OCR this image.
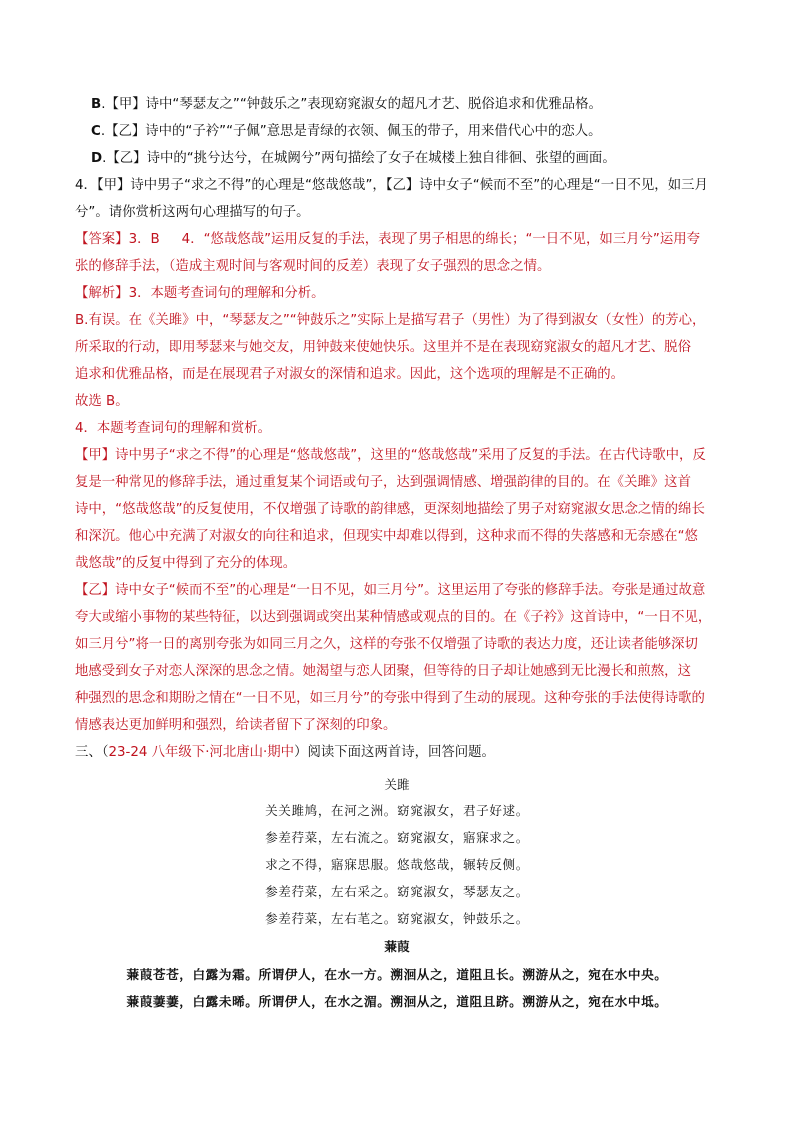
B.【甲】诗中“琴瑟友之”“钟鼓乐之”表现窈窕淑女的超凡才艺、脱俗追求和优雅品格。
C.【乙】诗中的“子衿”“子佩”意思是青绿的衣领、佩玉的带子，用来借代心中的恋人。
D.【乙】诗中的“挑兮达兮，在城阙兮”两句描绘了女子在城楼上独自徘徊、张望的画面。
4．【甲】诗中男子“求之不得”的心理是“悠哉悠哉”，【乙】诗中女子“候而不至”的心理是“一日不见，如三月
兮”。请你赏析这两句心理描写的句子。
【答案】3．B 4．“悠哉悠哉”运用反复的手法，表现了男子相思的绵长；“一日不见，如三月兮”运用夸
张的修辞手法，（造成主观时间与客观时间的反差）表现了女子强烈的思念之情。
【解析】3．本题考查词句的理解和分析。
B.有误。在《关雎》中，“琴瑟友之”“钟鼓乐之”实际上是描写君子（男性）为了得到淑女（女性）的芳心，
所采取的行动，即用琴瑟来与她交友，用钟鼓来使她快乐。这里并不是在表现窈窕淑女的超凡才艺、脱俗
追求和优雅品格，而是在展现君子对淑女的深情和追求。因此，这个选项的理解是不正确的。
故选 B。
4．本题考查词句的理解和赏析。
【甲】诗中男子“求之不得”的心理是“悠哉悠哉”，这里的“悠哉悠哉”采用了反复的手法。在古代诗歌中，反
复是一种常见的修辞手法，通过重复某个词语或句子，达到强调情感、增强韵律的目的。在《关雎》这首
诗中，“悠哉悠哉”的反复使用，不仅增强了诗歌的韵律感，更深刻地描绘了男子对窈窕淑女思念之情的绵长
和深沉。他心中充满了对淑女的向往和追求，但现实中却难以得到，这种求而不得的失落感和无奈感在“悠
哉悠哉”的反复中得到了充分的体现。
【乙】诗中女子“候而不至”的心理是“一日不见，如三月兮”。这里运用了夸张的修辞手法。夸张是通过故意
夸大或缩小事物的某些特征，以达到强调或突出某种情感或观点的目的。在《子衿》这首诗中，“一日不见，
如三月兮”将一日的离别夸张为如同三月之久，这样的夸张不仅增强了诗歌的表达力度，还让读者能够深切
地感受到女子对恋人深深的思念之情。她渴望与恋人团聚，但等待的日子却让她感到无比漫长和煎熬，这
种强烈的思念和期盼之情在“一日不见，如三月兮”的夸张中得到了生动的展现。这种夸张的手法使得诗歌的
情感表达更加鲜明和强烈，给读者留下了深刻的印象。
三、（23-24 八年级下·河北唐山·期中）阅读下面这两首诗，回答问题。
关雎
关关雎鸠，在河之洲。窈窕淑女，君子好逑。
参差荇菜，左右流之。窈窕淑女，寤寐求之。
求之不得，寤寐思服。悠哉悠哉，辗转反侧。
参差荇菜，左右采之。窈窕淑女，琴瑟友之。
参差荇菜，左右芼之。窈窕淑女，钟鼓乐之。
蒹葭
蒹葭苍苍，白露为霜。所谓伊人，在水一方。溯洄从之，道阻且长。溯游从之，宛在水中央。
蒹葭萋萋，白露未晞。所谓伊人，在水之湄。溯洄从之，道阻且跻。溯游从之，宛在水中坻。
